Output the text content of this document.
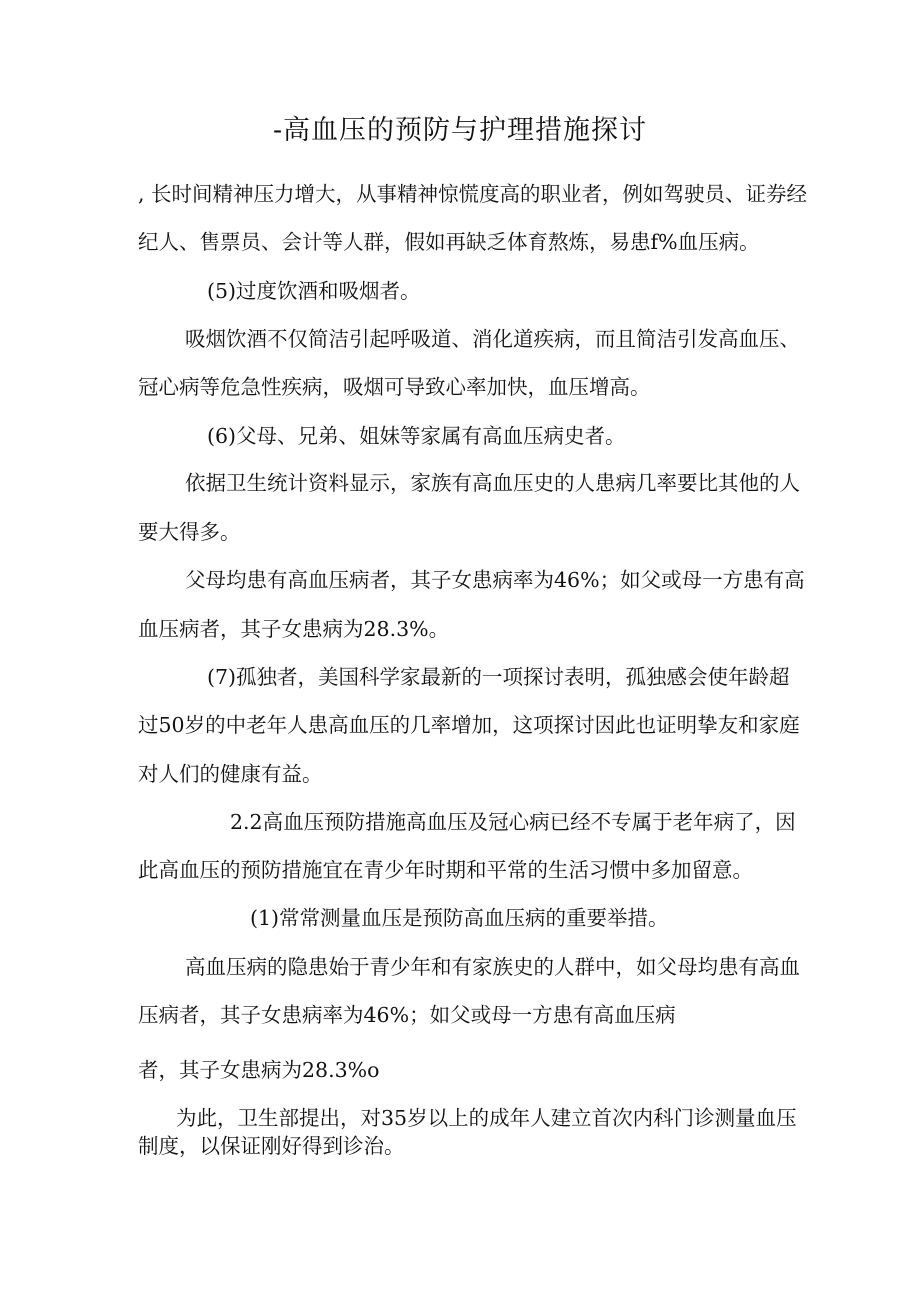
-高血压的预防与护理措施探讨
, 长时间精神压力增大，从事精神惊慌度高的职业者，例如驾驶员、证券经
纪人、售票员、会计等人群，假如再缺乏体育熬炼，易患f%血压病。
(5)过度饮酒和吸烟者。
吸烟饮酒不仅简洁引起呼吸道、消化道疾病，而且简洁引发高血压、
冠心病等危急性疾病，吸烟可导致心率加快，血压增高。
(6)父母、兄弟、姐妹等家属有高血压病史者。
依据卫生统计资料显示，家族有高血压史的人患病几率要比其他的人
要大得多。
父母均患有高血压病者，其子女患病率为46%；如父或母一方患有高
血压病者，其子女患病为28.3%。
(7)孤独者，美国科学家最新的一项探讨表明，孤独感会使年龄超
过50岁的中老年人患高血压的几率增加，这项探讨因此也证明挚友和家庭
对人们的健康有益。
2.2高血压预防措施高血压及冠心病已经不专属于老年病了，因
此高血压的预防措施宜在青少年时期和平常的生活习惯中多加留意。
(1)常常测量血压是预防高血压病的重要举措。
高血压病的隐患始于青少年和有家族史的人群中，如父母均患有高血
压病者，其子女患病率为46%；如父或母一方患有高血压病
者，其子女患病为28.3%o
为此，卫生部提出，对35岁以上的成年人建立首次内科门诊测量血压
制度，以保证刚好得到诊治。
